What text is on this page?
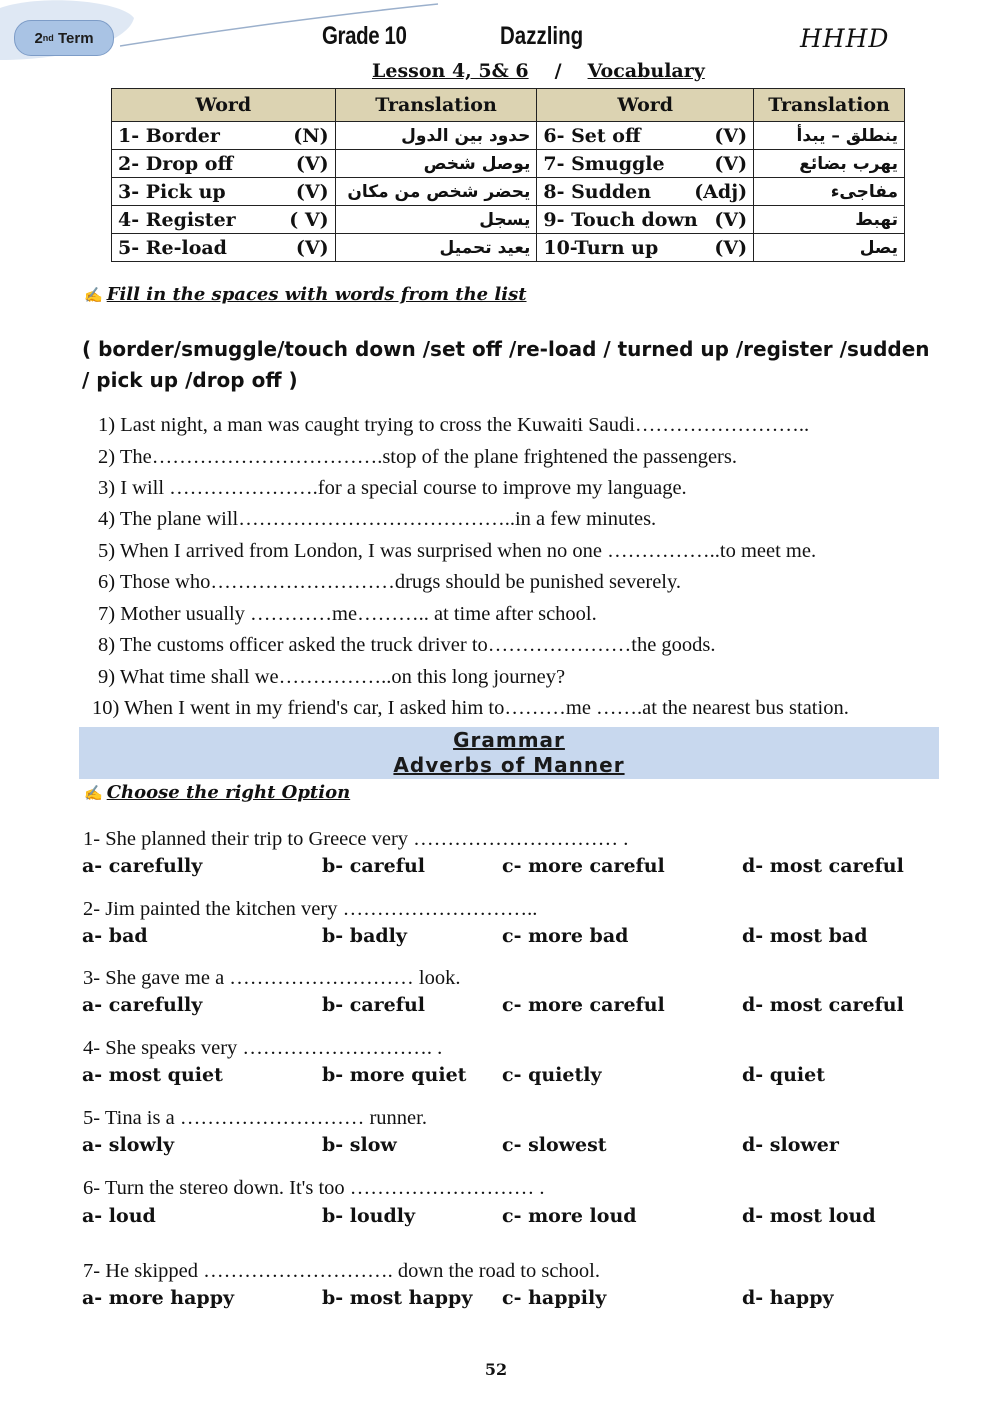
2 nd
Term	Grade 10	Dazzling	HHHD
Lesson 4, 5& 6 / Vocabulary
Word	Translation	Word	Translation

1- Border (N)	حدود بين الدول	6- Set off (V)	ينطلق – يبدأ

2- Drop off (V)	يوصل شخص	7- Smuggle (V)	يهرب بضائع

3- Pick up (V)	يحضر شخص من مكان	8- Sudden (Adj)	مفاجىء

4- Register ( V)	يسجل	9- Touch down (V)	تهبط

5- Re-load (V)	يعيد تحميل	10-Turn up (V)	يصل
✍ Fill in the spaces with words from the list
( border/smuggle/touch down /set off /re-load / turned up /register /sudden / pick up /drop off )
1) Last night, a man was caught trying to cross the Kuwaiti Saudi……………………..
2) The…………………………….stop of the plane frightened the passengers.
3) I will ………………….for a special course to improve my language.
4) The plane will…………………………………..in a few minutes.
5) When I arrived from London, I was surprised when no one ……………..to meet me.
6) Those who………………………drugs should be punished severely.
7) Mother usually …………me……….. at time after school.
8) The customs officer asked the truck driver to…………………the goods.
9) What time shall we……………..on this long journey?
10) When I went in my friend's car, I asked him to………me …….at the nearest bus station.
Grammar
Adverbs of Manner
✍ Choose the right Option
1- She planned their trip to Greece very ………………………… .
a- carefully	b- careful	c- more careful	d- most careful
2- Jim painted the kitchen very ………………………..
a- bad	b- badly	c- more bad	d- most bad
3- She gave me a ……………………… look.
a- carefully	b- careful	c- more careful	d- most careful
4- She speaks very ………………………. .
a- most quiet	b- more quiet c- quietly	d- quiet
5- Tina is a ……………………… runner.
a- slowly	b- slow	c- slowest	d- slower
6- Turn the stereo down. It's too ……………………… .
a- loud	b- loudly	c- more loud	d- most loud
7- He skipped ………………………. down the road to school.
a- more happy	b- most happy c- happily	d- happy
52
